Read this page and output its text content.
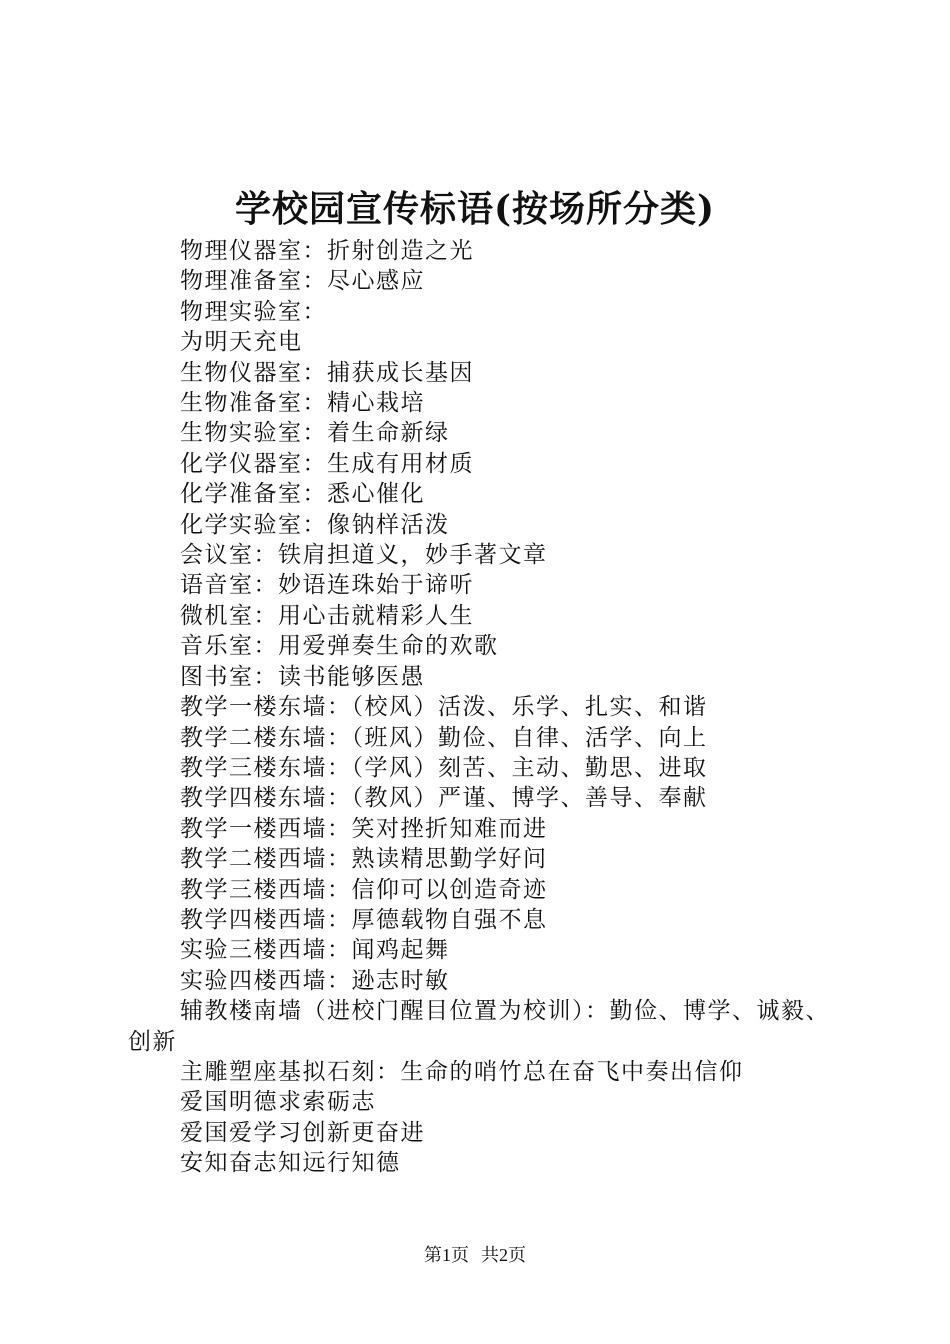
学校园宣传标语(按场所分类)

物理仪器室：折射创造之光

物理准备室：尽心感应

物理实验室：

为明天充电

生物仪器室：捕获成长基因

生物准备室：精心栽培

生物实验室：着生命新绿

化学仪器室：生成有用材质

化学准备室：悉心催化

化学实验室：像钠样活泼

会议室：铁肩担道义，妙手著文章

语音室：妙语连珠始于谛听

微机室：用心击就精彩人生

音乐室：用爱弹奏生命的欢歌

图书室：读书能够医愚

教学一楼东墙：（校风）活泼、乐学、扎实、和谐

教学二楼东墙：（班风）勤俭、自律、活学、向上

教学三楼东墙：（学风）刻苦、主动、勤思、进取

教学四楼东墙：（教风）严谨、博学、善导、奉献

教学一楼西墙：笑对挫折知难而进

教学二楼西墙：熟读精思勤学好问

教学三楼西墙：信仰可以创造奇迹

教学四楼西墙：厚德载物自强不息

实验三楼西墙：闻鸡起舞

实验四楼西墙：逊志时敏

辅教楼南墙（进校门醒目位置为校训）：勤俭、博学、诚毅、创新

主雕塑座基拟石刻：生命的哨竹总在奋飞中奏出信仰

爱国明德求索砺志

爱国爱学习创新更奋进

安知奋志知远行知德

第1页 共2页
